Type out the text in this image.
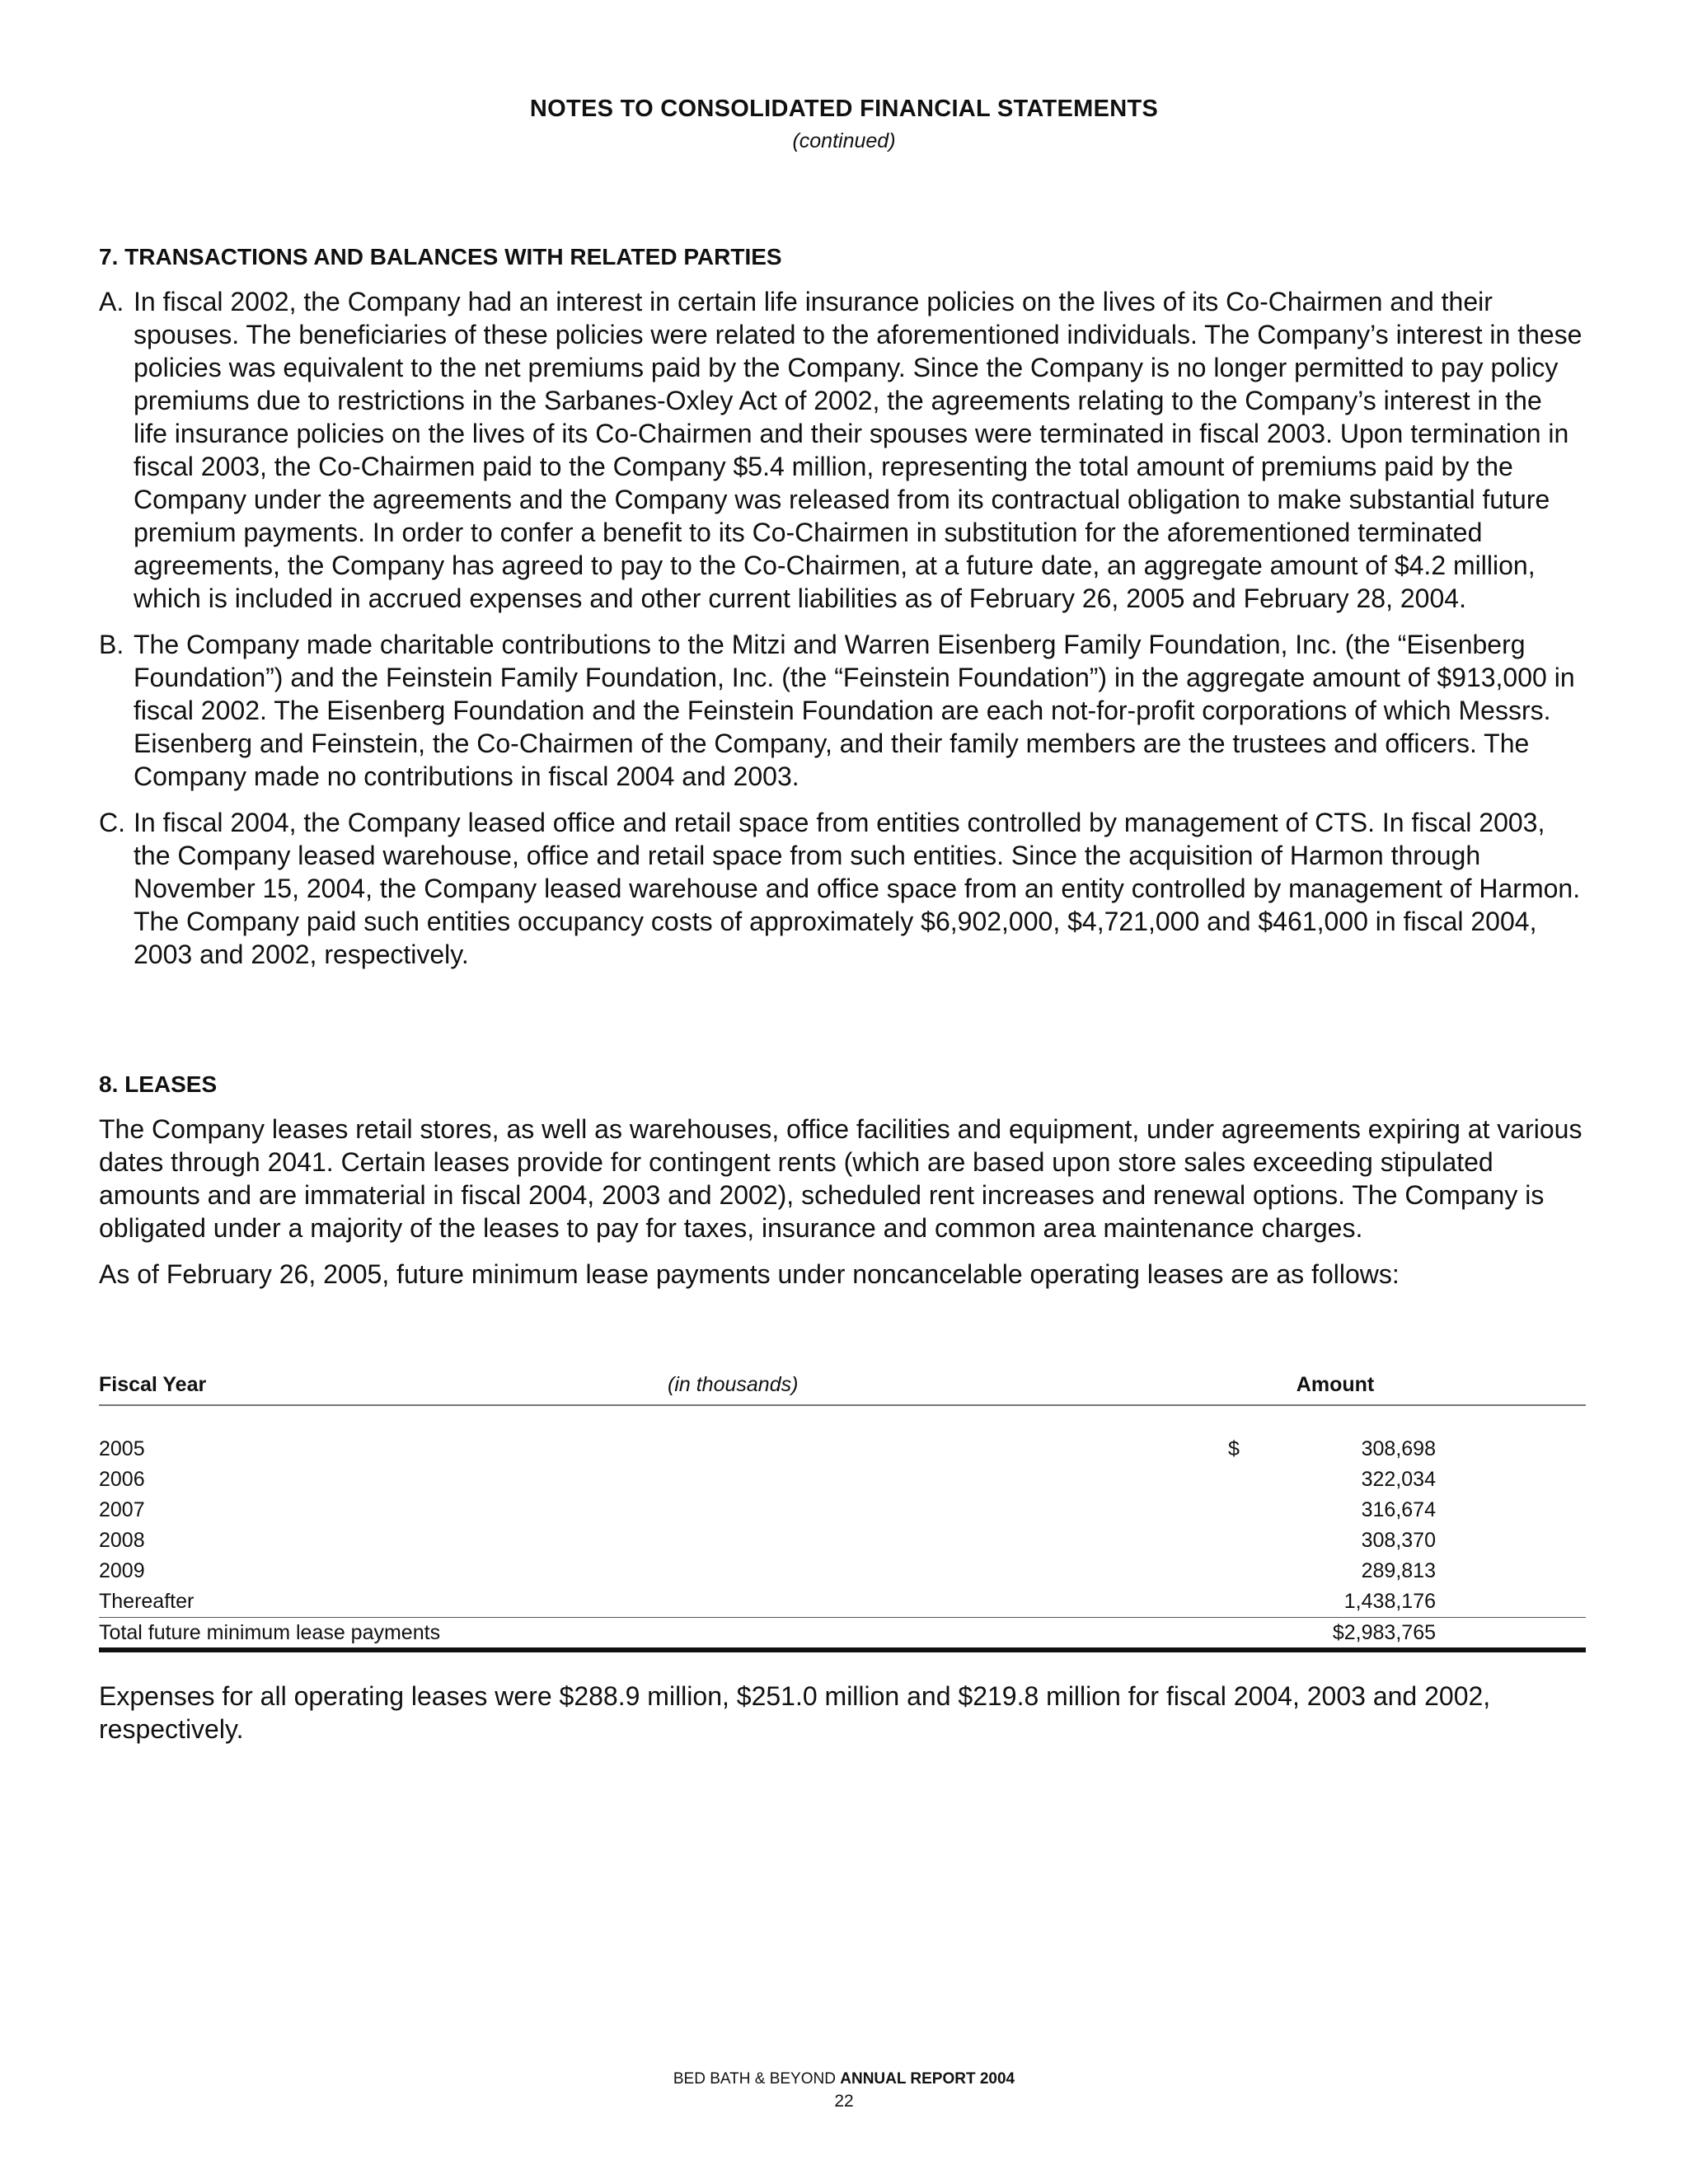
NOTES TO CONSOLIDATED FINANCIAL STATEMENTS
(continued)
7. TRANSACTIONS AND BALANCES WITH RELATED PARTIES

A. In fiscal 2002, the Company had an interest in certain life insurance policies on the lives of its Co-Chairmen and their spouses. The beneficiaries of these policies were related to the aforementioned individuals. The Company’s interest in these policies was equivalent to the net premiums paid by the Company. Since the Company is no longer permitted to pay policy premiums due to restrictions in the Sarbanes-Oxley Act of 2002, the agreements relating to the Company’s interest in the life insurance policies on the lives of its Co-Chairmen and their spouses were terminated in fiscal 2003. Upon termination in fiscal 2003, the Co-Chairmen paid to the Company $5.4 million, representing the total amount of premiums paid by the Company under the agreements and the Company was released from its contractual obligation to make substantial future premium payments. In order to confer a benefit to its Co-Chairmen in substitution for the aforementioned terminated agreements, the Company has agreed to pay to the Co-Chairmen, at a future date, an aggregate amount of $4.2 million, which is included in accrued expenses and other current liabilities as of February 26, 2005 and February 28, 2004.

B. The Company made charitable contributions to the Mitzi and Warren Eisenberg Family Foundation, Inc. (the “Eisenberg Foundation”) and the Feinstein Family Foundation, Inc. (the “Feinstein Foundation”) in the aggregate amount of $913,000 in fiscal 2002. The Eisenberg Foundation and the Feinstein Foundation are each not-for-profit corporations of which Messrs. Eisenberg and Feinstein, the Co-Chairmen of the Company, and their family members are the trustees and officers. The Company made no contributions in fiscal 2004 and 2003.

C. In fiscal 2004, the Company leased office and retail space from entities controlled by management of CTS. In fiscal 2003, the Company leased warehouse, office and retail space from such entities. Since the acquisition of Harmon through November 15, 2004, the Company leased warehouse and office space from an entity controlled by management of Harmon. The Company paid such entities occupancy costs of approximately $6,902,000, $4,721,000 and $461,000 in fiscal 2004, 2003 and 2002, respectively.

8. LEASES

The Company leases retail stores, as well as warehouses, office facilities and equipment, under agreements expiring at various dates through 2041. Certain leases provide for contingent rents (which are based upon store sales exceeding stipulated amounts and are immaterial in fiscal 2004, 2003 and 2002), scheduled rent increases and renewal options. The Company is obligated under a majority of the leases to pay for taxes, insurance and common area maintenance charges.

As of February 26, 2005, future minimum lease payments under noncancelable operating leases are as follows:

Fiscal Year	(in thousands)	Amount
2005	$	308,698
2006	322,034
2007	316,674
2008	308,370
2009	289,813
Thereafter	1,438,176
Total future minimum lease payments	$2,983,765

Expenses for all operating leases were $288.9 million, $251.0 million and $219.8 million for fiscal 2004, 2003 and 2002, respectively.

BED BATH & BEYOND ANNUAL REPORT 2004
22
